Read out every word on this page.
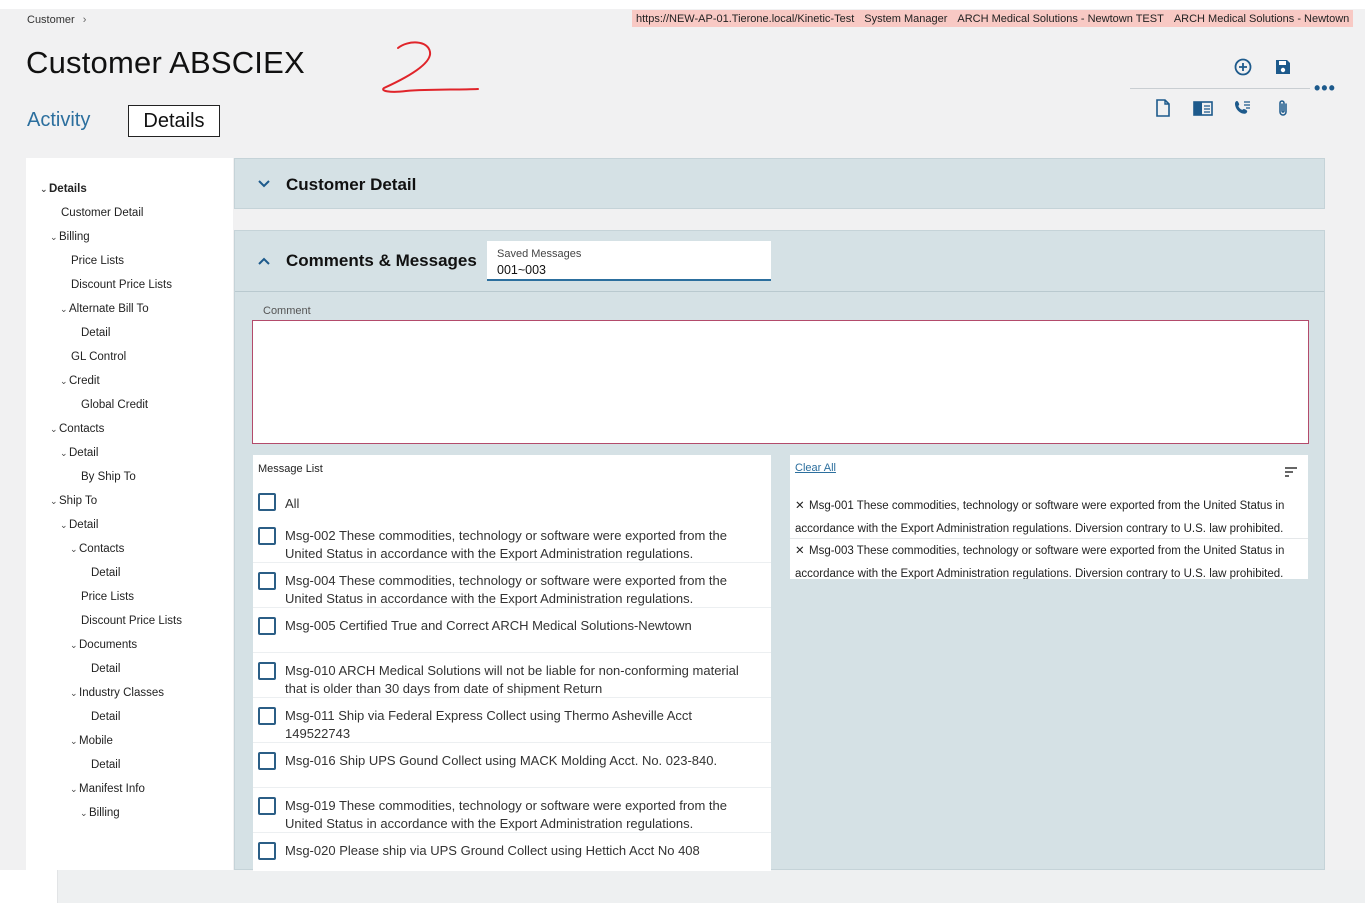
Customer ›	https://NEW-AP-01.Tierone.local/Kinetic-Test System Manager ARCH Medical Solutions - Newtown TEST ARCH Medical Solutions - Newtown
Customer ABSCIEX
Activity	Details
•••
⌄Details
Customer Detail
⌄Billing
Price Lists
Discount Price Lists
⌄Alternate Bill To
Detail
GL Control
⌄Credit
Global Credit
⌄Contacts
⌄Detail
By Ship To
⌄Ship To
⌄Detail
⌄Contacts
Detail
Price Lists
Discount Price Lists
⌄Documents
Detail
⌄Industry Classes
Detail
⌄Mobile
Detail
⌄Manifest Info
⌄Billing
Customer Detail
Comments & Messages Saved Messages
001~003
Comment
Message List
All
Msg-002 These commodities, technology or software were exported from the United Status in accordance with the Export Administration regulations.
Msg-004 These commodities, technology or software were exported from the United Status in accordance with the Export Administration regulations.
Msg-005 Certified True and Correct ARCH Medical Solutions-Newtown
Msg-010 ARCH Medical Solutions will not be liable for non-conforming material that is older than 30 days from date of shipment Return
Msg-011 Ship via Federal Express Collect using Thermo Asheville Acct 149522743
Msg-016 Ship UPS Gound Collect using MACK Molding Acct. No. 023-840.
Msg-019 These commodities, technology or software were exported from the United Status in accordance with the Export Administration regulations.
Msg-020 Please ship via UPS Ground Collect using Hettich Acct No 408
Clear All
✕ Msg-001 These commodities, technology or software were exported from the United Status in accordance with the Export Administration regulations. Diversion contrary to U.S. law prohibited.
✕ Msg-003 These commodities, technology or software were exported from the United Status in accordance with the Export Administration regulations. Diversion contrary to U.S. law prohibited.
